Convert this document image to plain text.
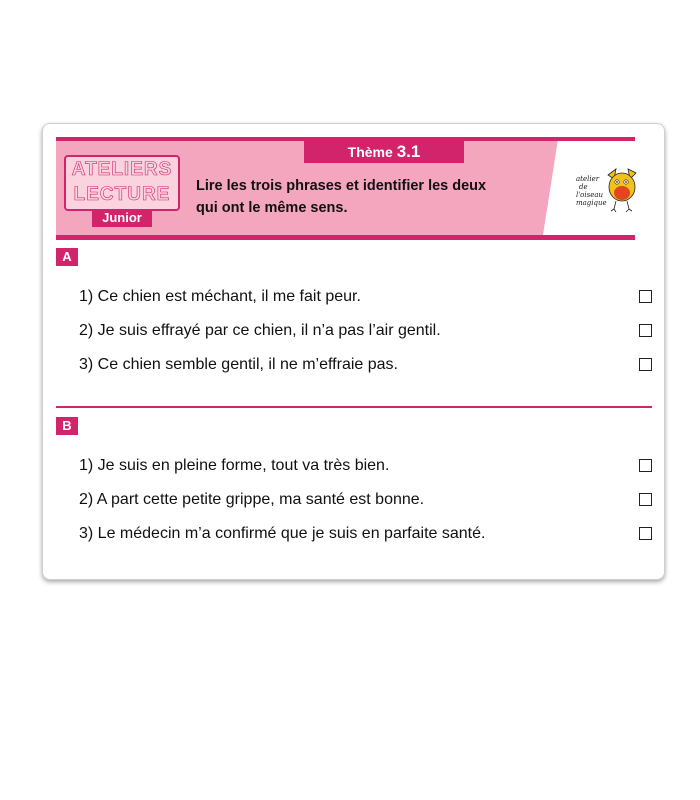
Thème 3.1
ATELIERS
LECTURE
Junior
Lire les trois phrases et identifier les deux
qui ont le même sens.
atelier
de
l'oiseau
magique
A
1) Ce chien est méchant, il me fait peur.
2) Je suis effrayé par ce chien, il n’a pas l’air gentil.
3) Ce chien semble gentil, il ne m’effraie pas.
B
1) Je suis en pleine forme, tout va très bien.
2) A part cette petite grippe, ma santé est bonne.
3) Le médecin m’a confirmé que je suis en parfaite santé.
